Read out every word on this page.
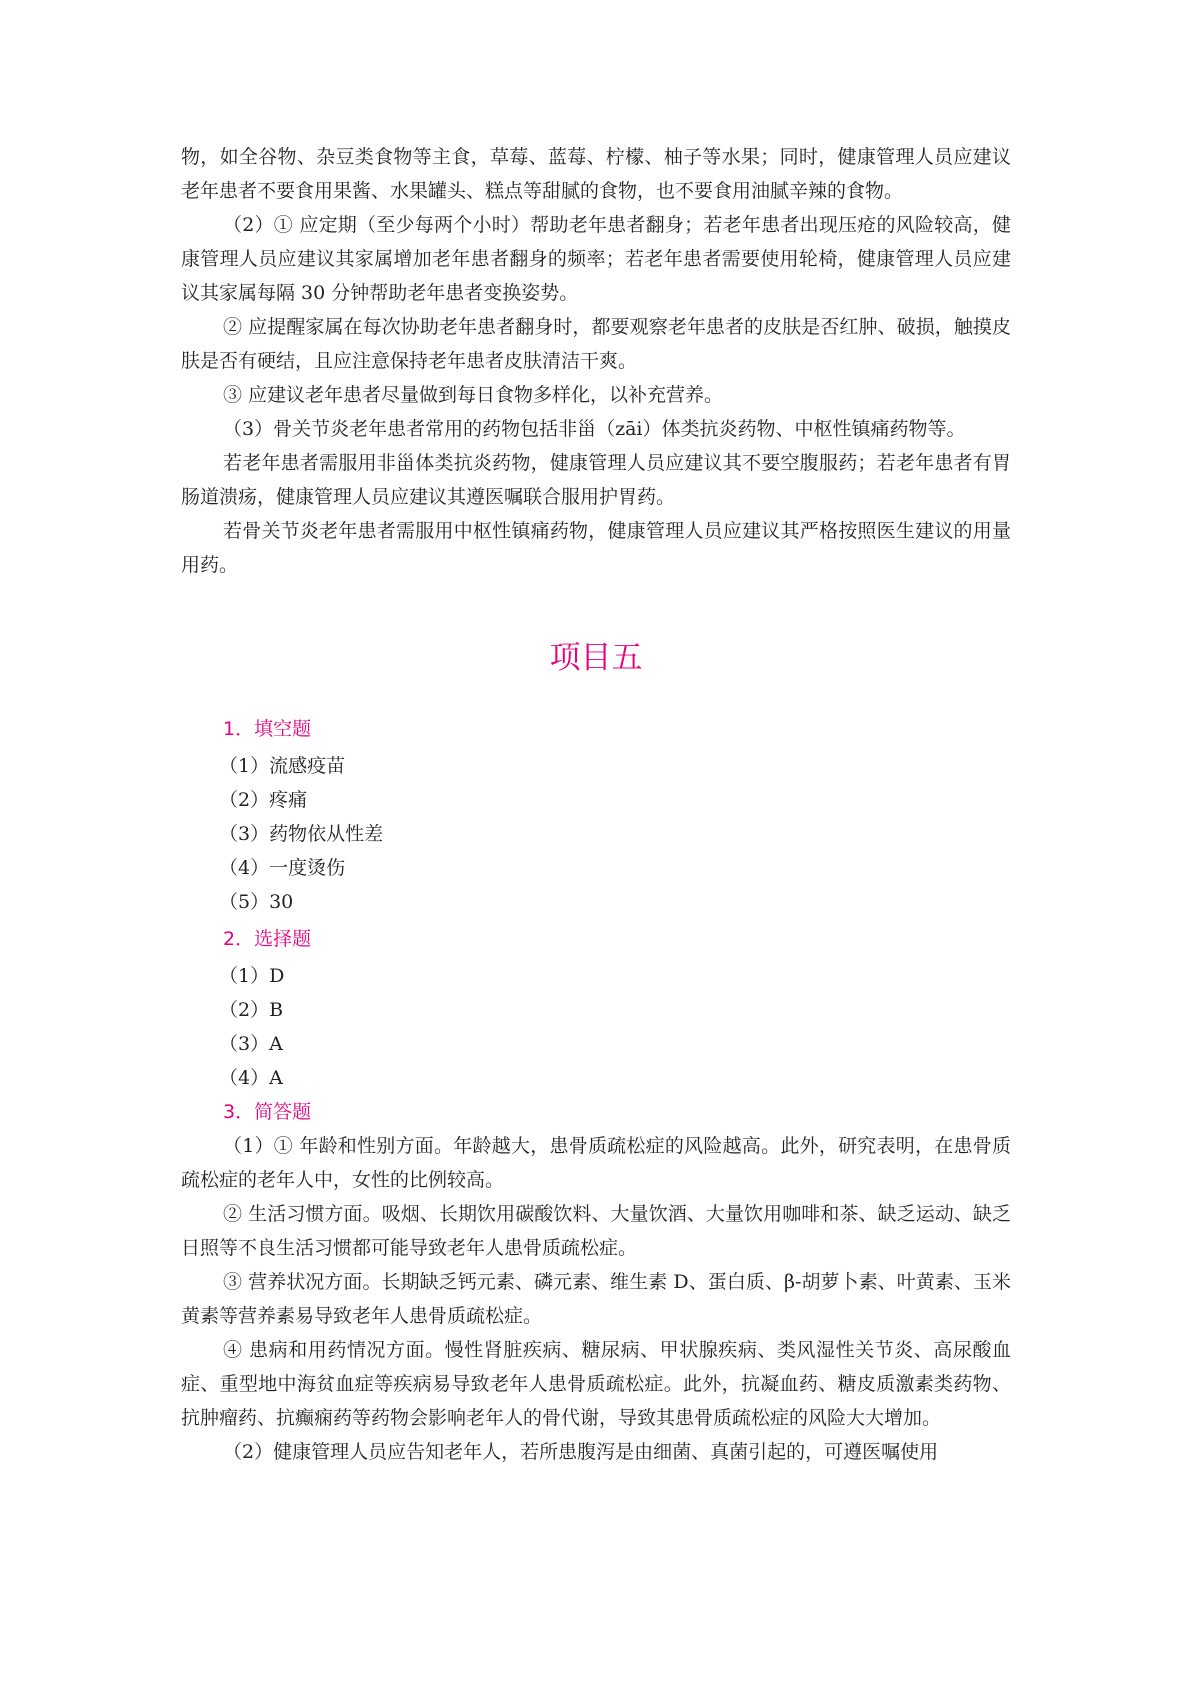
物，如全谷物、杂豆类食物等主食，草莓、蓝莓、柠檬、柚子等水果；同时，健康管理人员应建议老年患者不要食用果酱、水果罐头、糕点等甜腻的食物，也不要食用油腻辛辣的食物。

（2）① 应定期（至少每两个小时）帮助老年患者翻身；若老年患者出现压疮的风险较高，健康管理人员应建议其家属增加老年患者翻身的频率；若老年患者需要使用轮椅，健康管理人员应建议其家属每隔 30 分钟帮助老年患者变换姿势。

② 应提醒家属在每次协助老年患者翻身时，都要观察老年患者的皮肤是否红肿、破损，触摸皮肤是否有硬结，且应注意保持老年患者皮肤清洁干爽。

③ 应建议老年患者尽量做到每日食物多样化，以补充营养。

（3）骨关节炎老年患者常用的药物包括非甾（zāi）体类抗炎药物、中枢性镇痛药物等。

若老年患者需服用非甾体类抗炎药物，健康管理人员应建议其不要空腹服药；若老年患者有胃肠道溃疡，健康管理人员应建议其遵医嘱联合服用护胃药。

若骨关节炎老年患者需服用中枢性镇痛药物，健康管理人员应建议其严格按照医生建议的用量用药。

项目五
1．填空题
（1）流感疫苗
（2）疼痛
（3）药物依从性差
（4）一度烫伤
（5）30
2．选择题
（1）D
（2）B
（3）A
（4）A
3．简答题

（1）① 年龄和性别方面。年龄越大，患骨质疏松症的风险越高。此外，研究表明，在患骨质疏松症的老年人中，女性的比例较高。

② 生活习惯方面。吸烟、长期饮用碳酸饮料、大量饮酒、大量饮用咖啡和茶、缺乏运动、缺乏日照等不良生活习惯都可能导致老年人患骨质疏松症。

③ 营养状况方面。长期缺乏钙元素、磷元素、维生素 D、蛋白质、β-胡萝卜素、叶黄素、玉米黄素等营养素易导致老年人患骨质疏松症。

④ 患病和用药情况方面。慢性肾脏疾病、糖尿病、甲状腺疾病、类风湿性关节炎、高尿酸血症、重型地中海贫血症等疾病易导致老年人患骨质疏松症。此外，抗凝血药、糖皮质激素类药物、抗肿瘤药、抗癫痫药等药物会影响老年人的骨代谢，导致其患骨质疏松症的风险大大增加。

（2）健康管理人员应告知老年人，若所患腹泻是由细菌、真菌引起的，可遵医嘱使用
